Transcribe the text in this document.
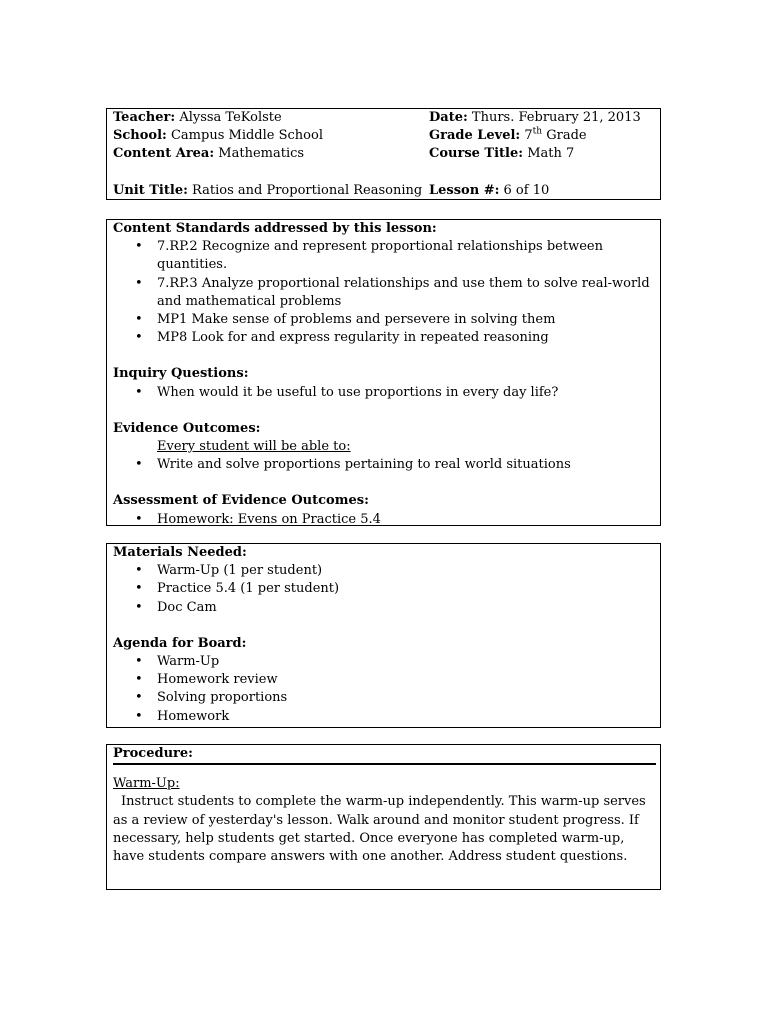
Teacher: Alyssa TeKolste	Date: Thurs. February 21, 2013
School: Campus Middle School	Grade Level: 7th Grade
Content Area: Mathematics	Course Title: Math 7
Unit Title: Ratios and Proportional Reasoning Lesson #: 6 of 10
Content Standards addressed by this lesson:
• 7.RP.2 Recognize and represent proportional relationships between quantities.
• 7.RP.3 Analyze proportional relationships and use them to solve real-world and mathematical problems
• MP1 Make sense of problems and persevere in solving them
• MP8 Look for and express regularity in repeated reasoning
Inquiry Questions:
• When would it be useful to use proportions in every day life?
Evidence Outcomes:
Every student will be able to:
• Write and solve proportions pertaining to real world situations
Assessment of Evidence Outcomes:
• Homework: Evens on Practice 5.4
Materials Needed:
• Warm-Up (1 per student)
• Practice 5.4 (1 per student)
• Doc Cam
Agenda for Board:
• Warm-Up
• Homework review
• Solving proportions
• Homework
Procedure:
Warm-Up:
Instruct students to complete the warm-up independently. This warm-up serves as a review of yesterday's lesson. Walk around and monitor student progress. If necessary, help students get started. Once everyone has completed warm-up, have students compare answers with one another. Address student questions.
